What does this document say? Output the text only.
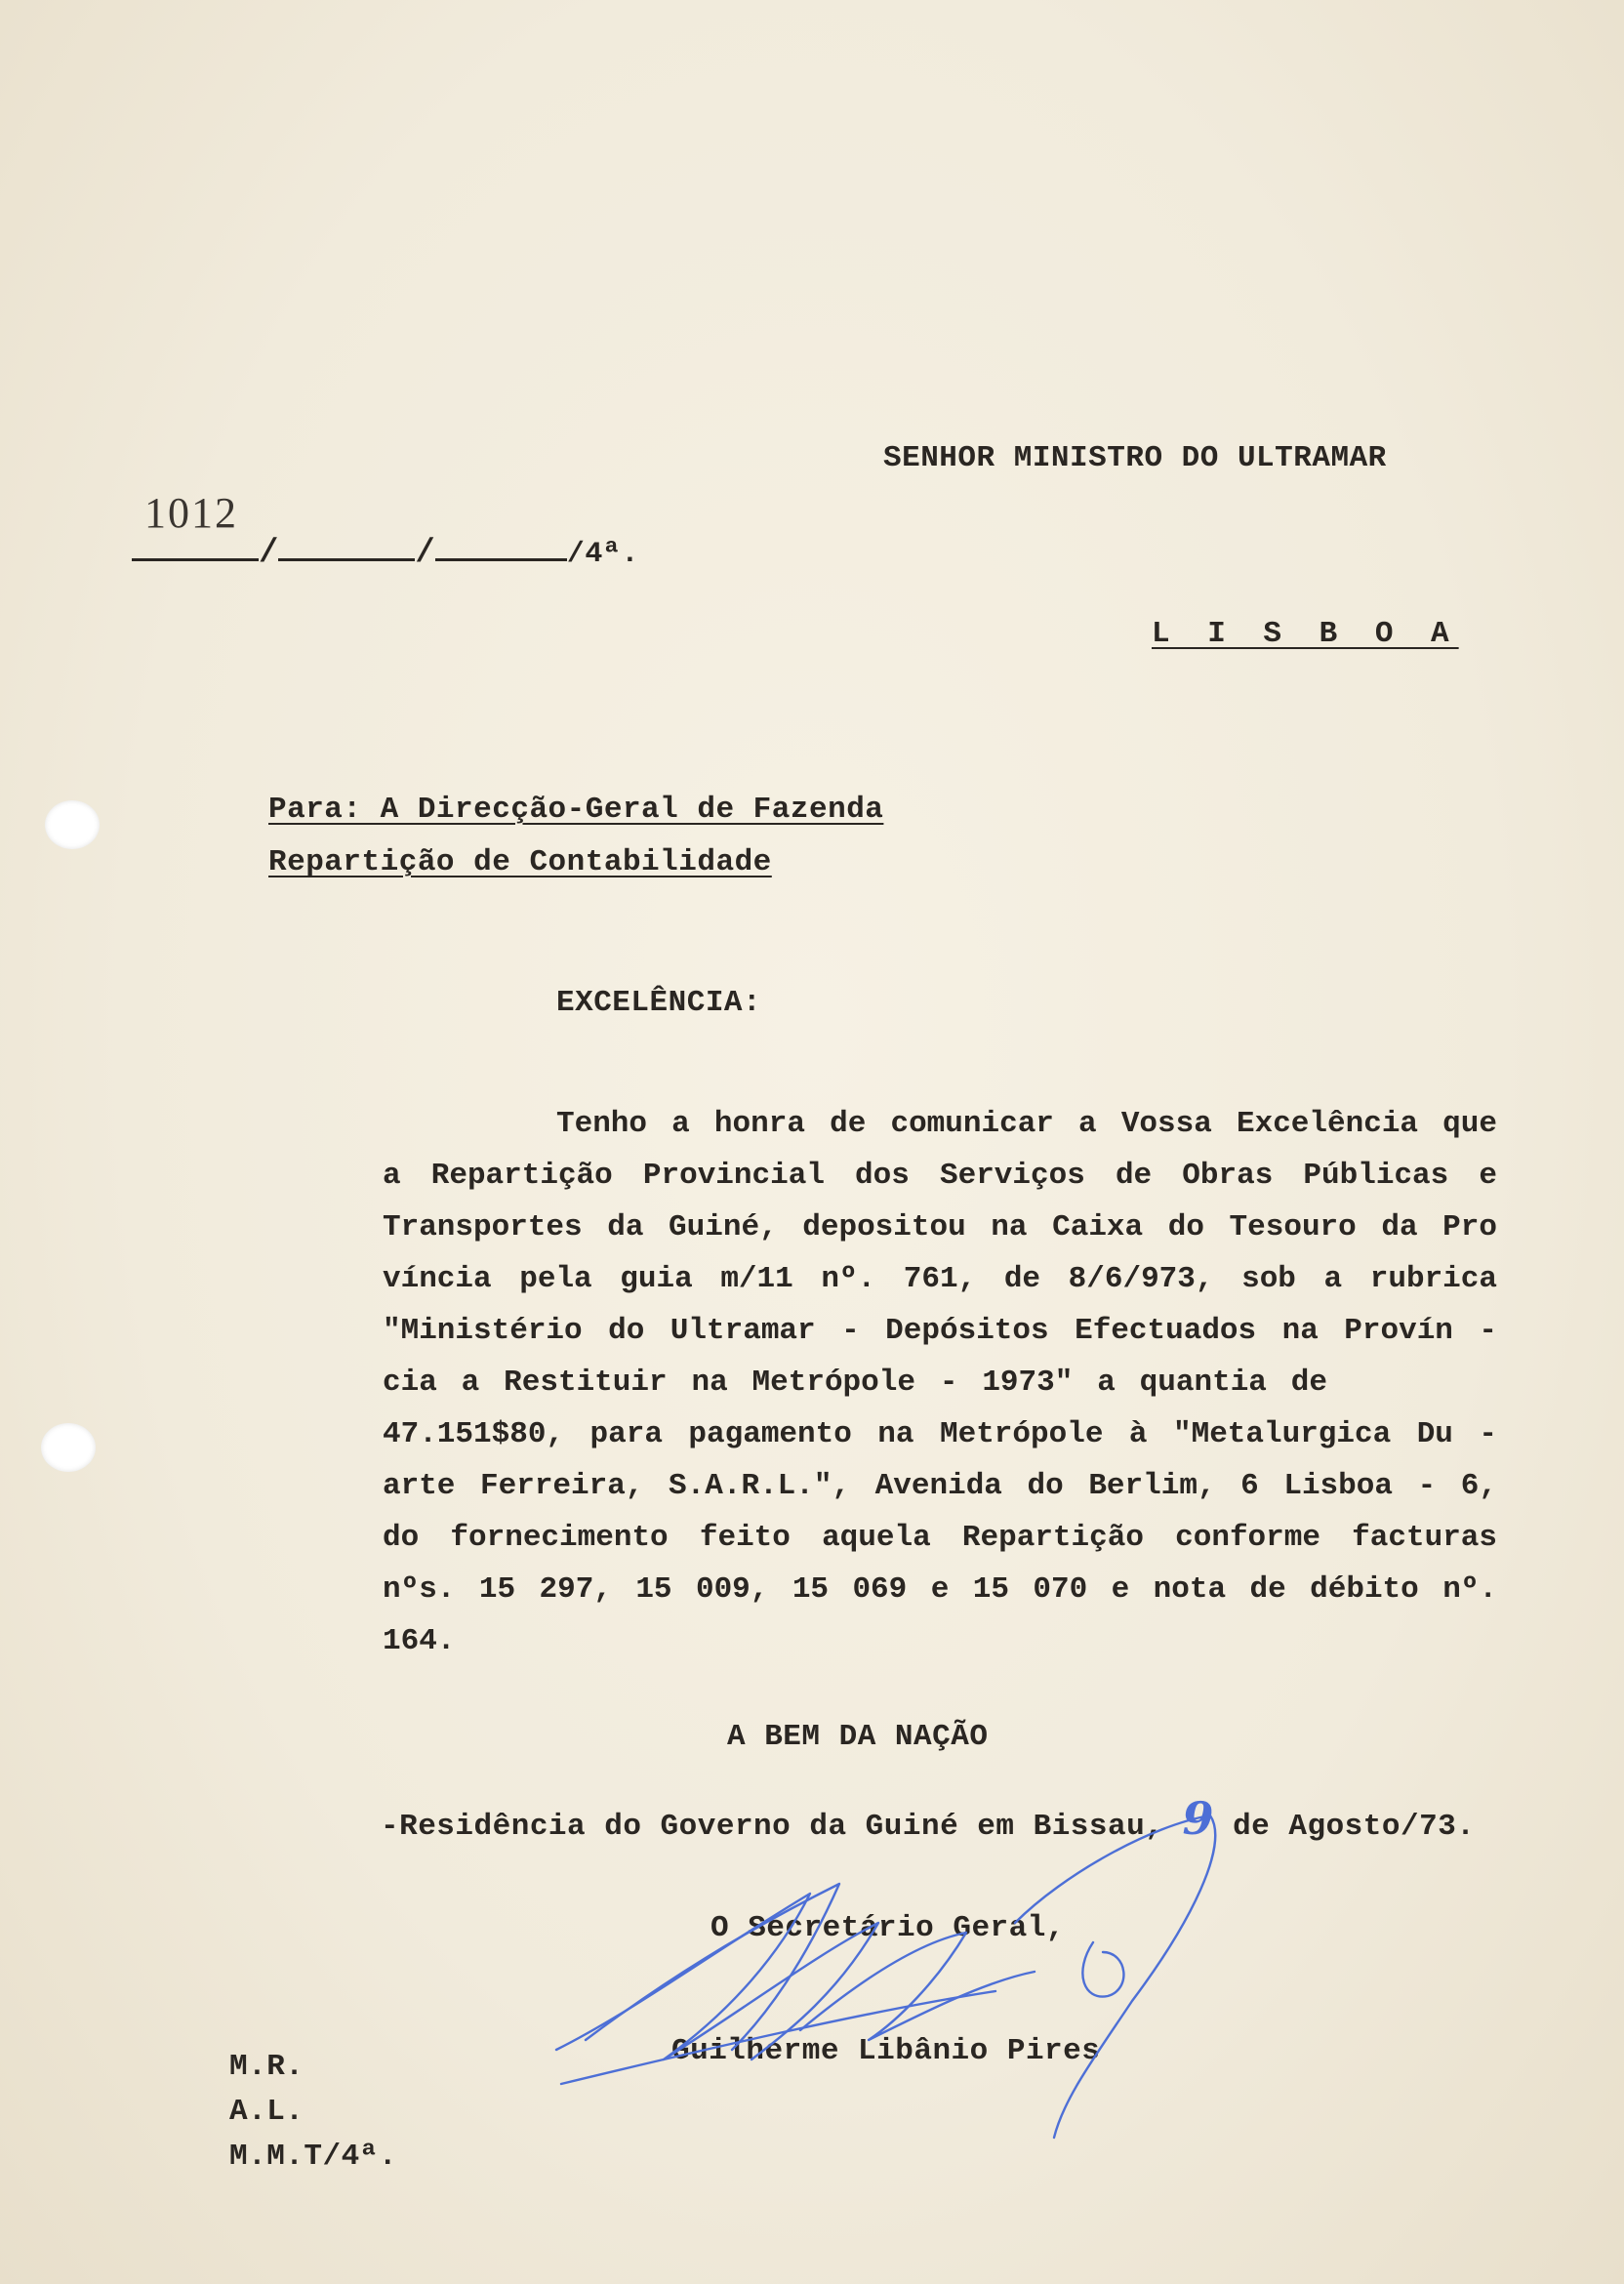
SENHOR MINISTRO DO ULTRAMAR
1012
/	/	/4ª.
L I S B O A
Para: A Direcção-Geral de Fazenda
Repartição de Contabilidade
EXCELÊNCIA:
Tenho a honra de comunicar a Vossa Excelência que
a Repartição Provincial dos Serviços de Obras Públicas e
Transportes da Guiné, depositou na Caixa do Tesouro da Pro
víncia pela guia m/11 nº. 761, de 8/6/973, sob a rubrica
"Ministério do Ultramar - Depósitos Efectuados na Provín -
cia a Restituir na Metrópole - 1973" a quantia de
47.151$80, para pagamento na Metrópole à "Metalurgica Du -
arte Ferreira, S.A.R.L.", Avenida do Berlim, 6 Lisboa - 6,
do fornecimento feito aquela Repartição conforme facturas
nºs. 15 297, 15 009, 15 069 e 15 070 e nota de débito nº.
164.
A BEM DA NAÇÃO
-Residência do Governo da Guiné em Bissau, 9 de Agosto/73.
O Secretário Geral,
Guilherme Libânio Pires
M.R.
A.L.
M.M.T/4ª.
